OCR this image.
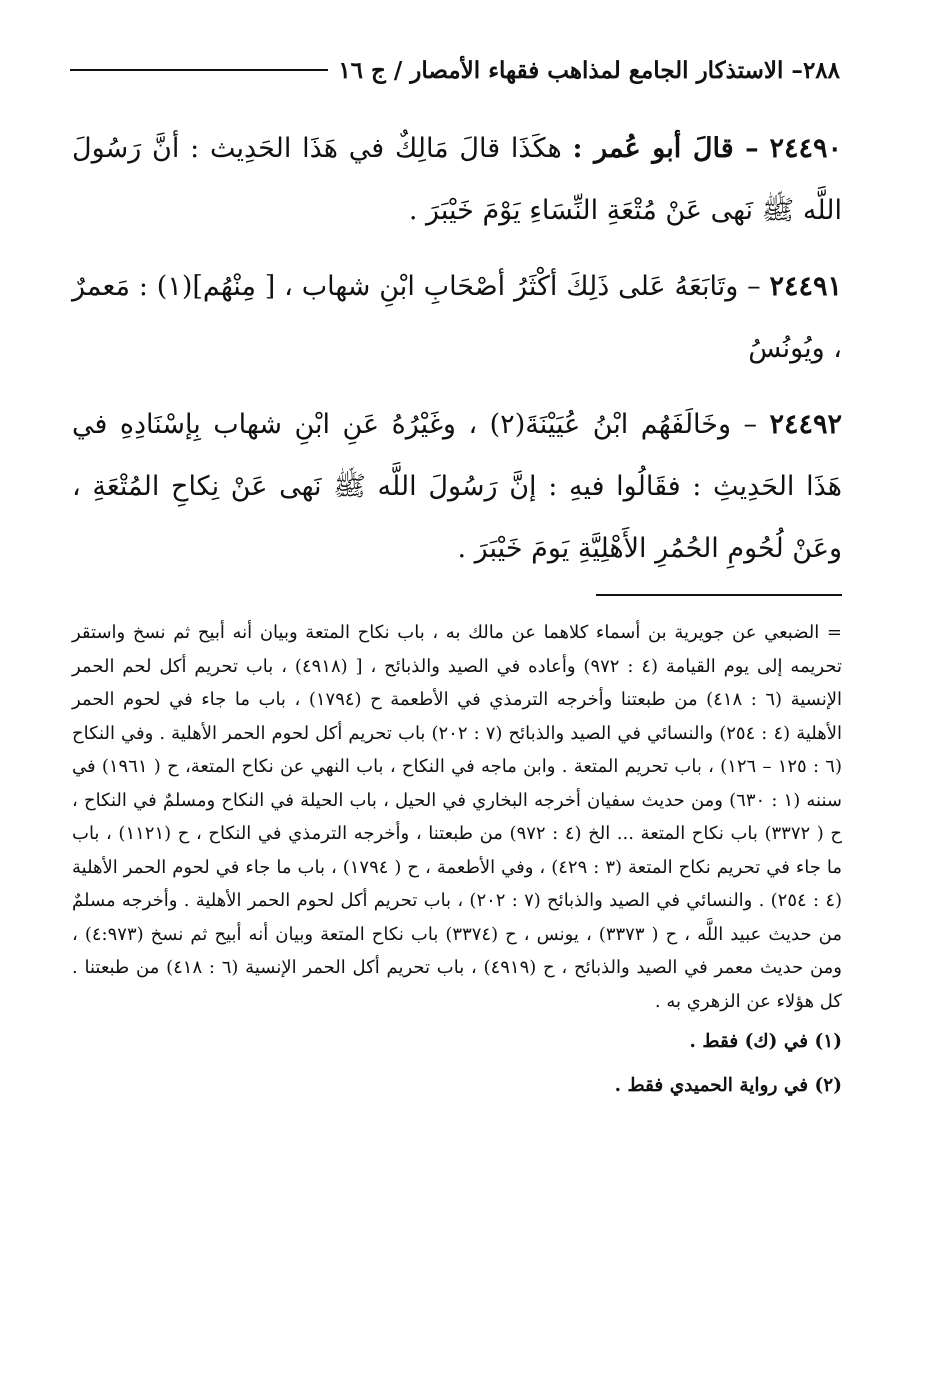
٢٨٨
– الاستذكار الجامع لمذاهب فقهاء الأمصار / ج ١٦

٢٤٤٩٠ – قالَ أبو عُمر : هكَذَا قالَ مَالِكٌ في هَذَا الحَدِيث : أنَّ رَسُولَ اللَّه ﷺ نَهى عَنْ مُتْعَةِ النِّسَاءِ يَوْمَ خَيْبَرَ .

٢٤٤٩١ – وتَابَعَهُ عَلى ذَلِكَ أكْثَرُ أصْحَابِ ابْنِ شهاب ، [ مِنْهُم](١) : مَعمرٌ ، ويُونُسُ

٢٤٤٩٢ – وخَالَفَهُم ابْنُ عُيَيْنَةَ(٢) ، وغَيْرُهُ عَنِ ابْنِ شهاب بِإسْنَادِهِ في هَذَا الحَدِيثِ : فقَالُوا فيهِ : إنَّ رَسُولَ اللَّه ﷺ نَهى عَنْ نِكاحِ المُتْعَةِ ، وعَنْ لُحُومِ الحُمُرِ الأَهْلِيَّةِ يَومَ خَيْبَرَ .

= الضبعي عن جويرية بن أسماء كلاهما عن مالك به ، باب نكاح المتعة وبيان أنه أبيح ثم نسخ واستقر تحريمه إلى يوم القيامة (٤ : ٩٧٢) وأعاده في الصيد والذبائح ، [ (٤٩١٨) ، باب تحريم أكل لحم الحمر الإنسية (٦ : ٤١٨) من طبعتنا وأخرجه الترمذي في الأطعمة ح (١٧٩٤) ، باب ما جاء في لحوم الحمر الأهلية (٤ : ٢٥٤) والنسائي في الصيد والذبائح (٧ : ٢٠٢) باب تحريم أكل لحوم الحمر الأهلية . وفي النكاح (٦ : ١٢٥ – ١٢٦) ، باب تحريم المتعة . وابن ماجه في النكاح ، باب النهي عن نكاح المتعة، ح ( ١٩٦١) في سننه (١ : ٦٣٠) ومن حديث سفيان أخرجه البخاري في الحيل ، باب الحيلة في النكاح ومسلمٌ في النكاح ، ح ( ٣٣٧٢) باب نكاح المتعة ... الخ (٤ : ٩٧٢) من طبعتنا ، وأخرجه الترمذي في النكاح ، ح (١١٢١) ، باب ما جاء في تحريم نكاح المتعة (٣ : ٤٢٩) ، وفي الأطعمة ، ح ( ١٧٩٤) ، باب ما جاء في لحوم الحمر الأهلية (٤ : ٢٥٤) . والنسائي في الصيد والذبائح (٧ : ٢٠٢) ، باب تحريم أكل لحوم الحمر الأهلية . وأخرجه مسلمٌ من حديث عبيد اللَّه ، ح ( ٣٣٧٣) ، يونس ، ح (٣٣٧٤) باب نكاح المتعة وبيان أنه أبيح ثم نسخ (٤:٩٧٣) ، ومن حديث معمر في الصيد والذبائح ، ح (٤٩١٩) ، باب تحريم أكل الحمر الإنسية (٦ : ٤١٨) من طبعتنا . كل هؤلاء عن الزهري به .

(١) في (ك) فقط .

(٢) في رواية الحميدي فقط .
